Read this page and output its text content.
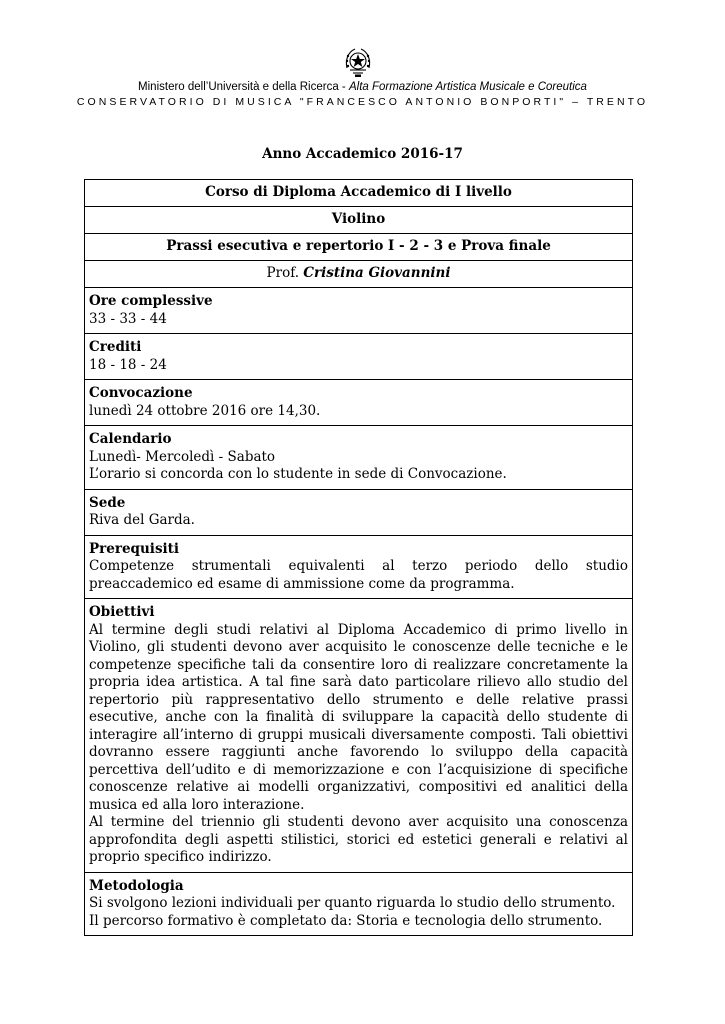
Ministero dell’Università e della Ricerca - Alta Formazione Artistica Musicale e Coreutica
CONSERVATORIO DI MUSICA "FRANCESCO ANTONIO BONPORTI" – TRENTO
Anno Accademico 2016-17
Corso di Diploma Accademico di I livello
Violino
Prassi esecutiva e repertorio I - 2 - 3 e Prova finale
Prof. Cristina Giovannini

Ore complessive
33 - 33 - 44

Crediti
18 - 18 - 24

Convocazione
lunedì 24 ottobre 2016 ore 14,30.

Calendario
Lunedì- Mercoledì - Sabato
L’orario si concorda con lo studente in sede di Convocazione.

Sede
Riva del Garda.

Prerequisiti
Competenze strumentali equivalenti al terzo periodo dello studio preaccademico ed esame di ammissione come da programma.

Obiettivi
Al termine degli studi relativi al Diploma Accademico di primo livello in Violino, gli studenti devono aver acquisito le conoscenze delle tecniche e le competenze specifiche tali da consentire loro di realizzare concretamente la propria idea artistica. A tal fine sarà dato particolare rilievo allo studio del repertorio più rappresentativo dello strumento e delle relative prassi esecutive, anche con la finalità di sviluppare la capacità dello studente di interagire all’interno di gruppi musicali diversamente composti. Tali obiettivi dovranno essere raggiunti anche favorendo lo sviluppo della capacità percettiva dell’udito e di memorizzazione e con l’acquisizione di specifiche conoscenze relative ai modelli organizzativi, compositivi ed analitici della musica ed alla loro interazione.
Al termine del triennio gli studenti devono aver acquisito una conoscenza approfondita degli aspetti stilistici, storici ed estetici generali e relativi al proprio specifico indirizzo.

Metodologia
Si svolgono lezioni individuali per quanto riguarda lo studio dello strumento.
Il percorso formativo è completato da: Storia e tecnologia dello strumento.
